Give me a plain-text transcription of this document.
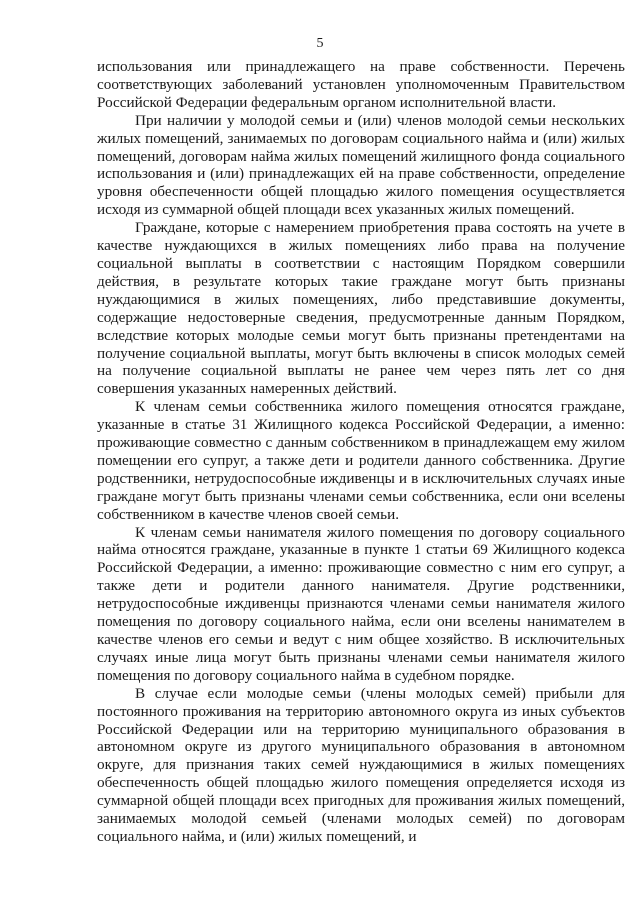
5

использования или принадлежащего на праве собственности. Перечень соответствующих заболеваний установлен уполномоченным Правительством Российской Федерации федеральным органом исполнительной власти.

При наличии у молодой семьи и (или) членов молодой семьи нескольких жилых помещений, занимаемых по договорам социального найма и (или) жилых помещений, договорам найма жилых помещений жилищного фонда социального использования и (или) принадлежащих ей на праве собственности, определение уровня обеспеченности общей площадью жилого помещения осуществляется исходя из суммарной общей площади всех указанных жилых помещений.

Граждане, которые с намерением приобретения права состоять на учете в качестве нуждающихся в жилых помещениях либо права на получение социальной выплаты в соответствии с настоящим Порядком совершили действия, в результате которых такие граждане могут быть признаны нуждающимися в жилых помещениях, либо представившие документы, содержащие недостоверные сведения, предусмотренные данным Порядком, вследствие которых молодые семьи могут быть признаны претендентами на получение социальной выплаты, могут быть включены в список молодых семей на получение социальной выплаты не ранее чем через пять лет со дня совершения указанных намеренных действий.

К членам семьи собственника жилого помещения относятся граждане, указанные в статье 31 Жилищного кодекса Российской Федерации, а именно: проживающие совместно с данным собственником в принадлежащем ему жилом помещении его супруг, а также дети и родители данного собственника. Другие родственники, нетрудоспособные иждивенцы и в исключительных случаях иные граждане могут быть признаны членами семьи собственника, если они вселены собственником в качестве членов своей семьи.

К членам семьи нанимателя жилого помещения по договору социального найма относятся граждане, указанные в пункте 1 статьи 69 Жилищного кодекса Российской Федерации, а именно: проживающие совместно с ним его супруг, а также дети и родители данного нанимателя. Другие родственники, нетрудоспособные иждивенцы признаются членами семьи нанимателя жилого помещения по договору социального найма, если они вселены нанимателем в качестве членов его семьи и ведут с ним общее хозяйство. В исключительных случаях иные лица могут быть признаны членами семьи нанимателя жилого помещения по договору социального найма в судебном порядке.

В случае если молодые семьи (члены молодых семей) прибыли для постоянного проживания на территорию автономного округа из иных субъектов Российской Федерации или на территорию муниципального образования в автономном округе из другого муниципального образования в автономном округе, для признания таких семей нуждающимися в жилых помещениях обеспеченность общей площадью жилого помещения определяется исходя из суммарной общей площади всех пригодных для проживания жилых помещений, занимаемых молодой семьей (членами молодых семей) по договорам социального найма, и (или) жилых помещений, и
